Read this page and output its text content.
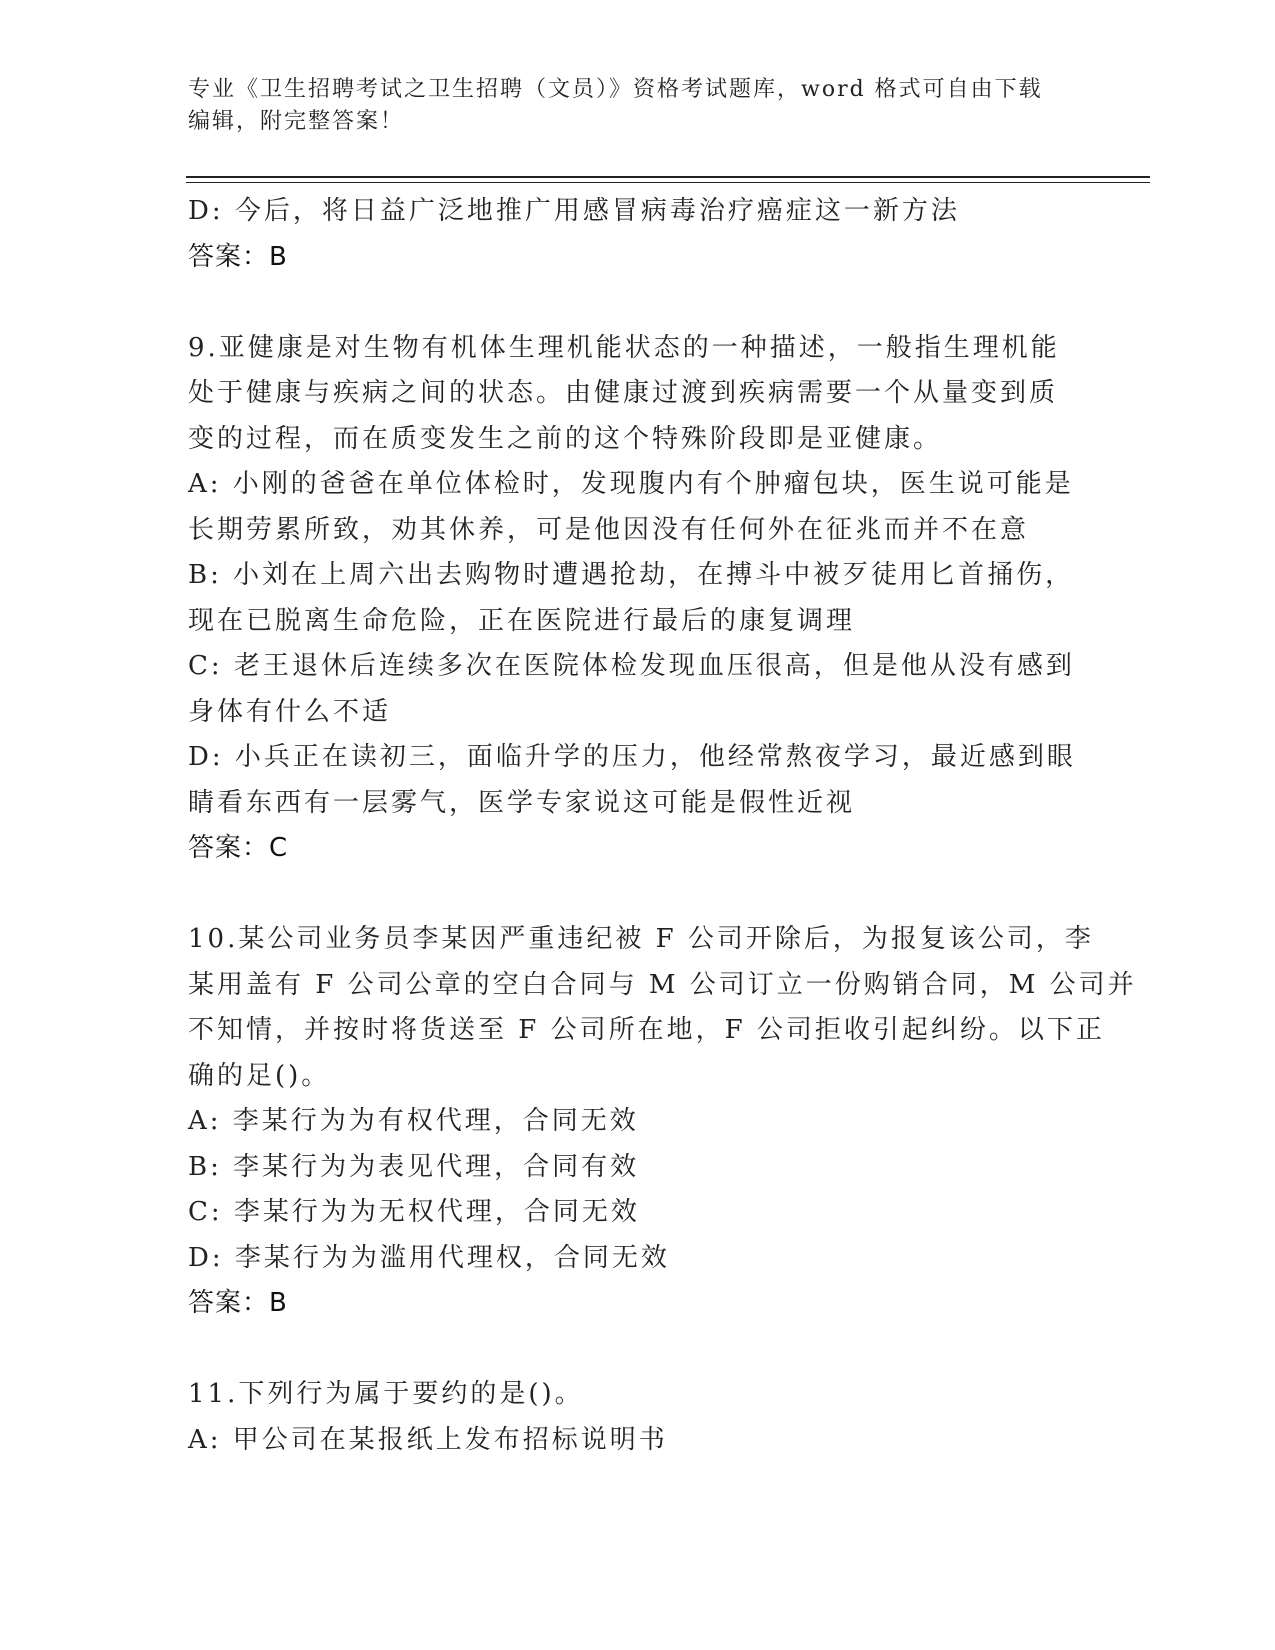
专业《卫生招聘考试之卫生招聘（文员）》资格考试题库，word 格式可自由下载
编辑，附完整答案！
D: 今后，将日益广泛地推广用感冒病毒治疗癌症这一新方法
答案：B
9.亚健康是对生物有机体生理机能状态的一种描述，一般指生理机能
处于健康与疾病之间的状态。由健康过渡到疾病需要一个从量变到质
变的过程，而在质变发生之前的这个特殊阶段即是亚健康。
A: 小刚的爸爸在单位体检时，发现腹内有个肿瘤包块，医生说可能是
长期劳累所致，劝其休养，可是他因没有任何外在征兆而并不在意
B: 小刘在上周六出去购物时遭遇抢劫，在搏斗中被歹徒用匕首捅伤，
现在已脱离生命危险，正在医院进行最后的康复调理
C: 老王退休后连续多次在医院体检发现血压很高，但是他从没有感到
身体有什么不适
D: 小兵正在读初三，面临升学的压力，他经常熬夜学习，最近感到眼
睛看东西有一层雾气，医学专家说这可能是假性近视
答案：C
10.某公司业务员李某因严重违纪被 F 公司开除后，为报复该公司，李
某用盖有 F 公司公章的空白合同与 M 公司订立一份购销合同，M 公司并
不知情，并按时将货送至 F 公司所在地，F 公司拒收引起纠纷。以下正
确的足()。
A: 李某行为为有权代理，合同无效
B: 李某行为为表见代理，合同有效
C: 李某行为为无权代理，合同无效
D: 李某行为为滥用代理权，合同无效
答案：B
11.下列行为属于要约的是()。
A: 甲公司在某报纸上发布招标说明书
